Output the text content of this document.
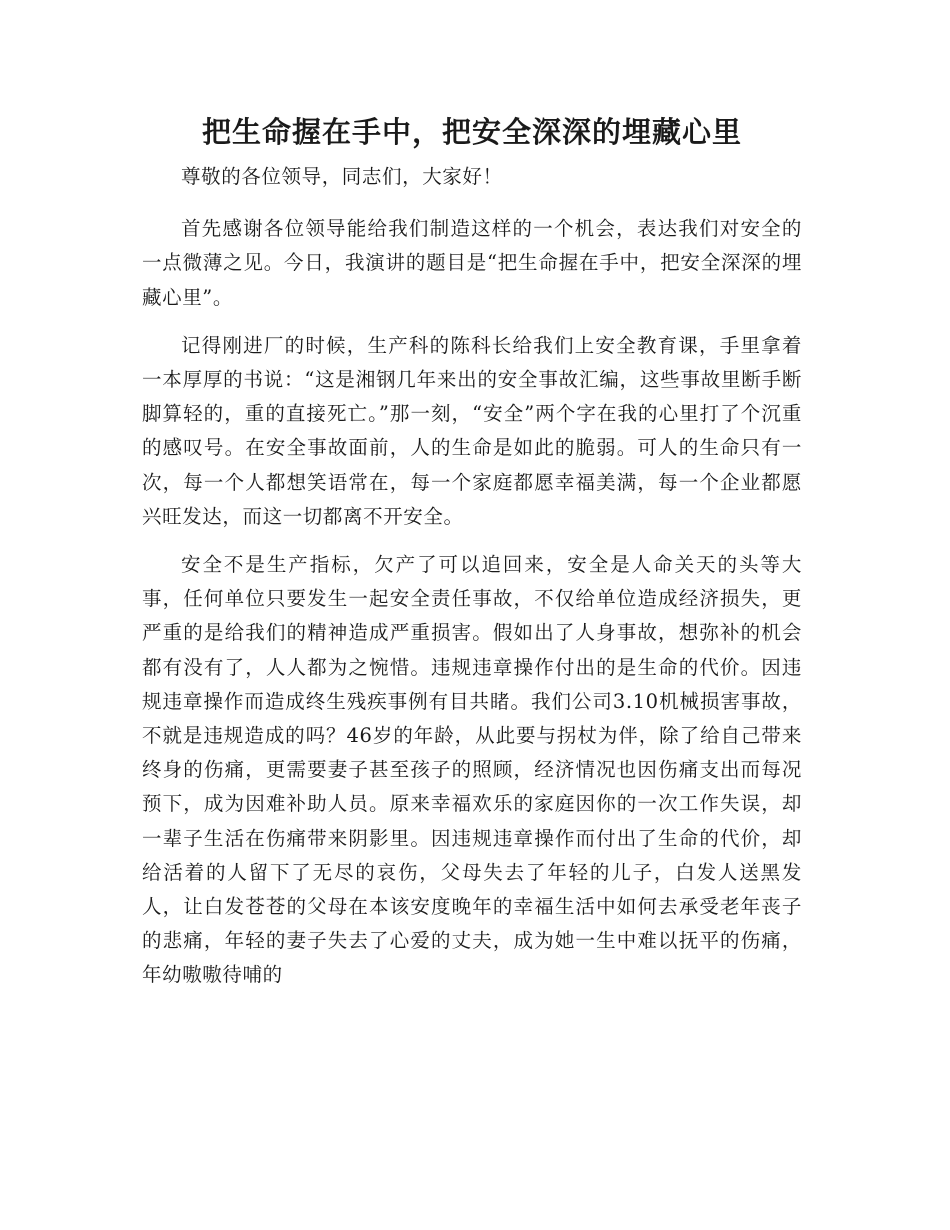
把生命握在手中，把安全深深的埋藏心里

尊敬的各位领导，同志们，大家好！

首先感谢各位领导能给我们制造这样的一个机会，表达我们对安全的一点微薄之见。今日，我演讲的题目是“把生命握在手中，把安全深深的埋藏心里”。

记得刚进厂的时候，生产科的陈科长给我们上安全教育课，手里拿着一本厚厚的书说：“这是湘钢几年来出的安全事故汇编，这些事故里断手断脚算轻的，重的直接死亡。”那一刻，“安全”两个字在我的心里打了个沉重的感叹号。在安全事故面前，人的生命是如此的脆弱。可人的生命只有一次，每一个人都想笑语常在，每一个家庭都愿幸福美满，每一个企业都愿兴旺发达，而这一切都离不开安全。

安全不是生产指标，欠产了可以追回来，安全是人命关天的头等大事，任何单位只要发生一起安全责任事故，不仅给单位造成经济损失，更严重的是给我们的精神造成严重损害。假如出了人身事故，想弥补的机会都有没有了，人人都为之惋惜。违规违章操作付出的是生命的代价。因违规违章操作而造成终生残疾事例有目共睹。我们公司3.10机械损害事故，不就是违规造成的吗？46岁的年龄，从此要与拐杖为伴，除了给自己带来终身的伤痛，更需要妻子甚至孩子的照顾，经济情况也因伤痛支出而每况预下，成为因难补助人员。原来幸福欢乐的家庭因你的一次工作失误，却一辈子生活在伤痛带来阴影里。因违规违章操作而付出了生命的代价，却给活着的人留下了无尽的哀伤，父母失去了年轻的儿子，白发人送黑发人，让白发苍苍的父母在本该安度晚年的幸福生活中如何去承受老年丧子的悲痛，年轻的妻子失去了心爱的丈夫，成为她一生中难以抚平的伤痛，年幼嗷嗷待哺的
